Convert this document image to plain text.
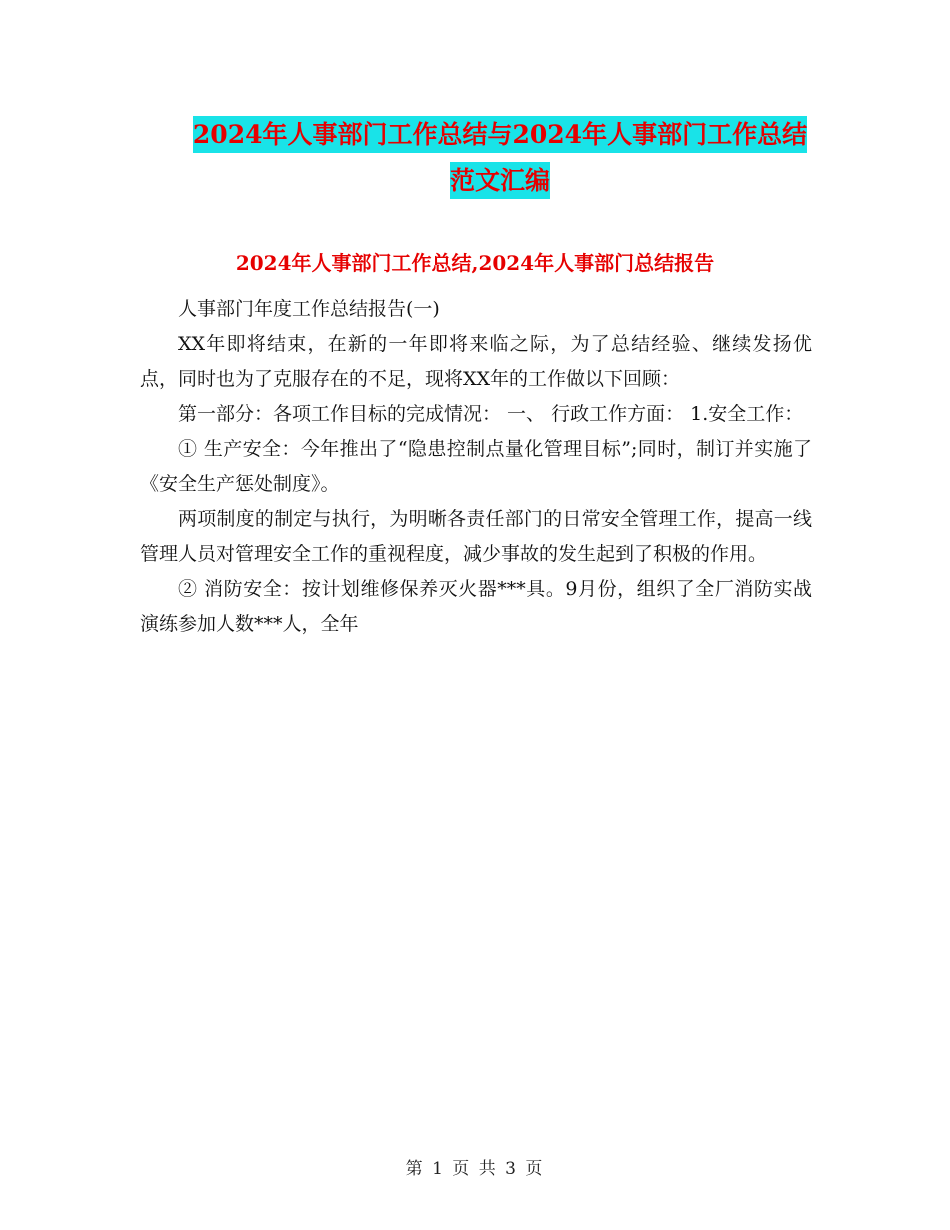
2024年人事部门工作总结与2024年人事部门工作总结
范文汇编
2024年人事部门工作总结,2024年人事部门总结报告

人事部门年度工作总结报告(一)

XX年即将结束，在新的一年即将来临之际，为了总结经验、继续发扬优点，同时也为了克服存在的不足，现将XX年的工作做以下回顾：

第一部分：各项工作目标的完成情况： 一、 行政工作方面： 1.安全工作：

① 生产安全：今年推出了“隐患控制点量化管理目标”;同时，制订并实施了《安全生产惩处制度》。

两项制度的制定与执行，为明晰各责任部门的日常安全管理工作，提高一线管理人员对管理安全工作的重视程度，减少事故的发生起到了积极的作用。

② 消防安全：按计划维修保养灭火器***具。9月份，组织了全厂消防实战演练参加人数***人，全年

第 1 页 共 3 页
